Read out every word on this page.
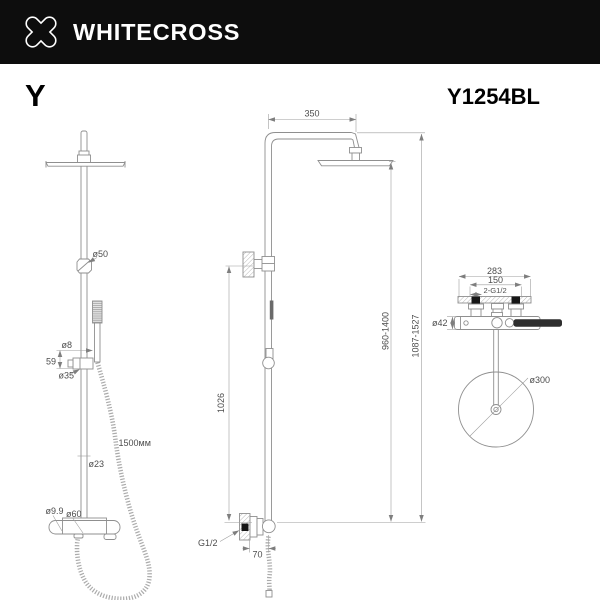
ø50
ø8
59
ø35
1500мм
ø23
ø9.9 ø60
350
1026
G1/2
70
960-1400 1087-1527
283
150
2-G1/2
ø42
ø300
WHITECROSS
Y	Y1254BL
